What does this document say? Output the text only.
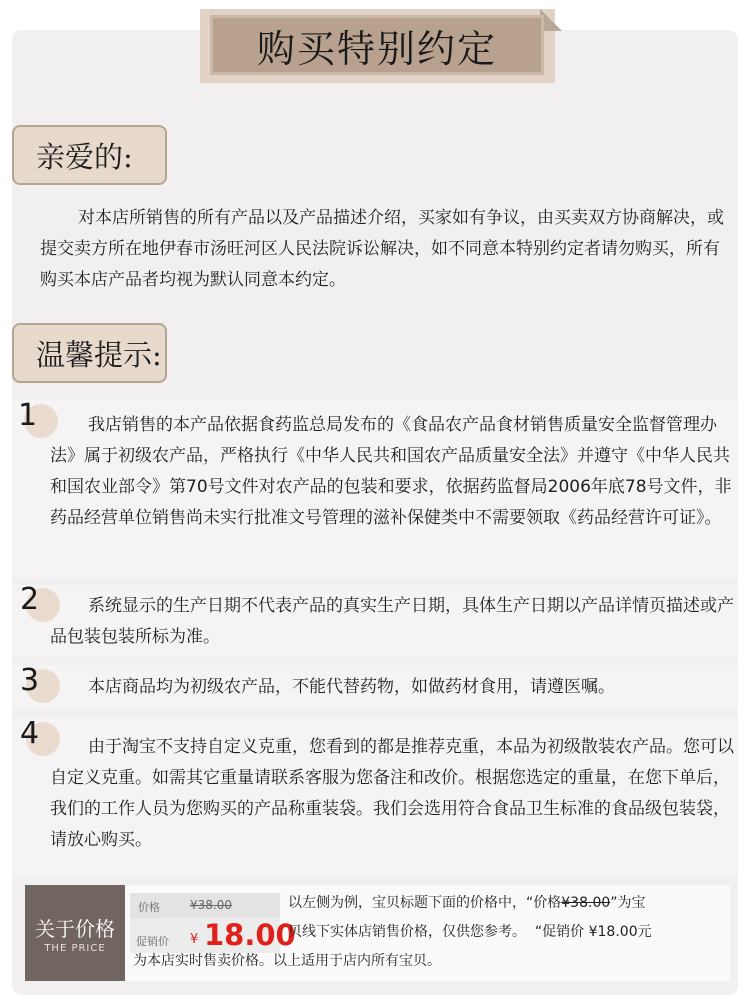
购买特别约定
亲爱的:
对本店所销售的所有产品以及产品描述介绍，买家如有争议，由买卖双方协商解决，或提交卖方所在地伊春市汤旺河区人民法院诉讼解决，如不同意本特别约定者请勿购买，所有购买本店产品者均视为默认同意本约定。
温馨提示:
1	我店销售的本产品依据食药监总局发布的《食品农产品食材销售质量安全监督管理办法》属于初级农产品，严格执行《中华人民共和国农产品质量安全法》并遵守《中华人民共和国农业部令》第70号文件对农产品的包装和要求，依据药监督局2006年底78号文件，非药品经营单位销售尚未实行批准文号管理的滋补保健类中不需要领取《药品经营许可证》。
2	系统显示的生产日期不代表产品的真实生产日期，具体生产日期以产品详情页描述或产品包装包装所标为准。
3	本店商品均为初级农产品，不能代替药物，如做药材食用，请遵医嘱。
4	由于淘宝不支持自定义克重，您看到的都是推荐克重，本品为初级散装农产品。您可以自定义克重。如需其它重量请联系客服为您备注和改价。根据您选定的重量，在您下单后，我们的工作人员为您购买的产品称重装袋。我们会选用符合食品卫生标准的食品级包装袋，请放心购买。
关于价格
THE PRICE
价格	¥38.00
促销价 ¥ 18.00
以左侧为例，宝贝标题下面的价格中，“价格¥38.00”为宝
贝线下实体店销售价格，仅供您参考。 “促销价 ¥18.00元
为本店实时售卖价格。以上适用于店内所有宝贝。
